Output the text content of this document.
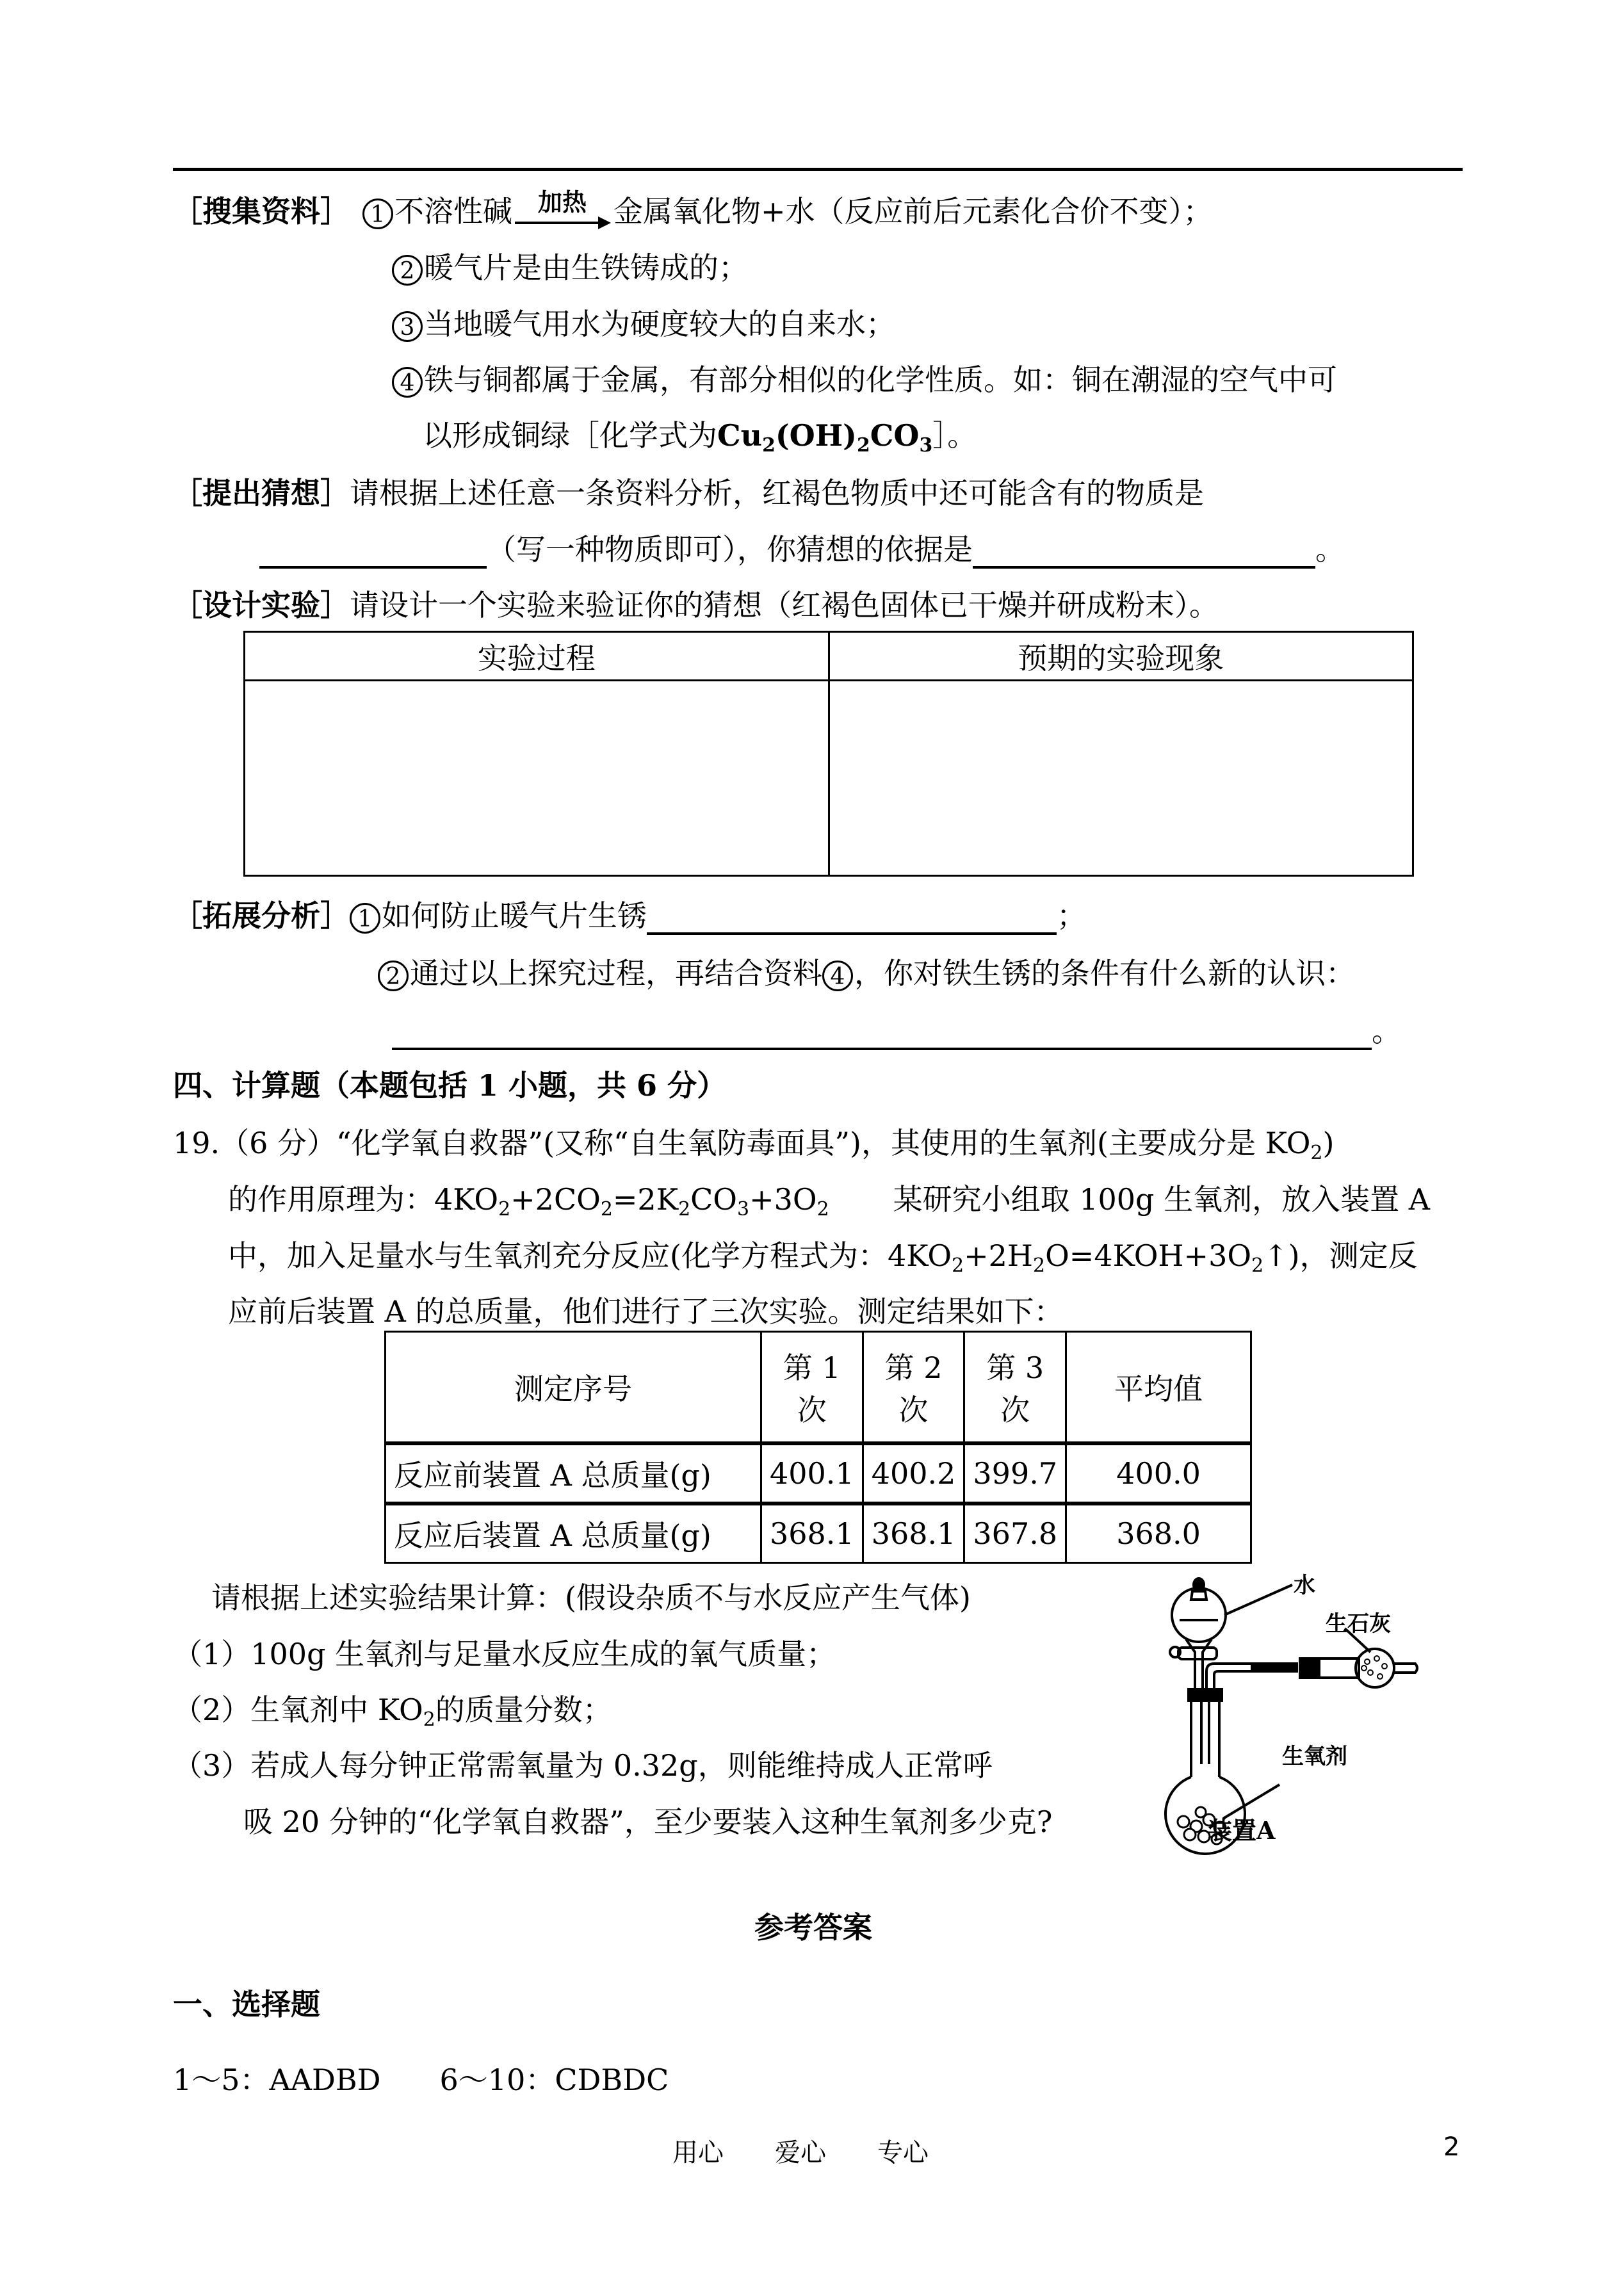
［搜集资料］ 1 不溶性碱 加热 金属氧化物+水（反应前后元素化合价不变）；
2 暖气片是由生铁铸成的；
3 当地暖气用水为硬度较大的自来水；
4 铁与铜都属于金属，有部分相似的化学性质。如：铜在潮湿的空气中可
以形成铜绿［化学式为$Cu_2(OH)_2CO_3]$。
［提出猜想］请根据上述任意一条资料分析，红褐色物质中还可能含有的物质是
（写一种物质即可），你猜想的依据是	。
［设计实验］请设计一个实验来验证你的猜想（红褐色固体已干燥并研成粉末）。
实验过程	预期的实验现象

［拓展分析］ 1 如何防止暖气片生锈	；
2 通过以上探究过程，再结合资料 4 ，你对铁生锈的条件有什么新的认识：
。
四、计算题（本题包括 1 小题，共 6 分）
19.（6 分）“化学氧自救器”(又称“自生氧防毒面具”)，其使用的生氧剂(主要成分是 $KO_2$)
的作用原理为：$4KO_2+2CO_2=2K_2CO_3+3O_2$ 某研究小组取 100g 生氧剂，放入装置 A
中，加入足量水与生氧剂充分反应(化学方程式为：$4KO_2+2H_2O=4KOH+3O_2↑$)，测定反
应前后装置 A 的总质量，他们进行了三次实验。测定结果如下：
测定序号	第 1 次	第 2 次	第 3 次	平均值
反应前装置 A 总质量(g)	400.1	400.2	399.7	400.0
反应后装置 A 总质量(g)	368.1	368.1	367.8	368.0
请根据上述实验结果计算：(假设杂质不与水反应产生气体)
（1）100g 生氧剂与足量水反应生成的氧气质量；
（2）生氧剂中 $KO_2$的质量分数；
（3）若成人每分钟正常需氧量为 0.32g，则能维持成人正常呼
吸 20 分钟的“化学氧自救器”，至少要装入这种生氧剂多少克?
水
生石灰
生氧剂
装置A
参考答案
一、选择题
1～5：AADBD　　6～10：CDBDC
用心　　爱心　　专心	2
